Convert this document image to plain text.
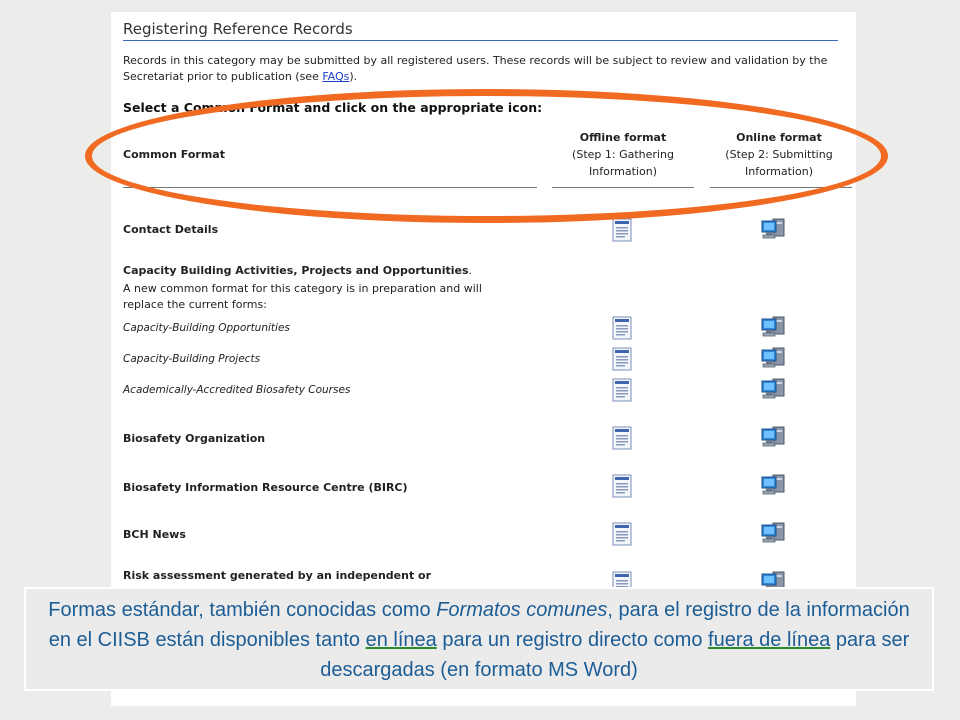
Registering Reference Records
Records in this category may be submitted by all registered users. These records will be subject to review and validation by the Secretariat prior to publication (see FAQs).
Select a Common Format and click on the appropriate icon:
Common Format
Offline format
(Step 1: Gathering
Information)
Online format
(Step 2: Submitting
Information)
Contact Details
Capacity Building Activities, Projects and Opportunities.
A new common format for this category is in preparation and will replace the current forms:
Capacity-Building Opportunities
Capacity-Building Projects
Academically-Accredited Biosafety Courses
Biosafety Organization
Biosafety Information Resource Centre (BIRC)
BCH News
Risk assessment generated by an independent or
Formas estándar, también conocidas como Formatos comunes, para el registro de la información en el CIISB están disponibles tanto en línea para un registro directo como fuera de línea para ser descargadas (en formato MS Word)
